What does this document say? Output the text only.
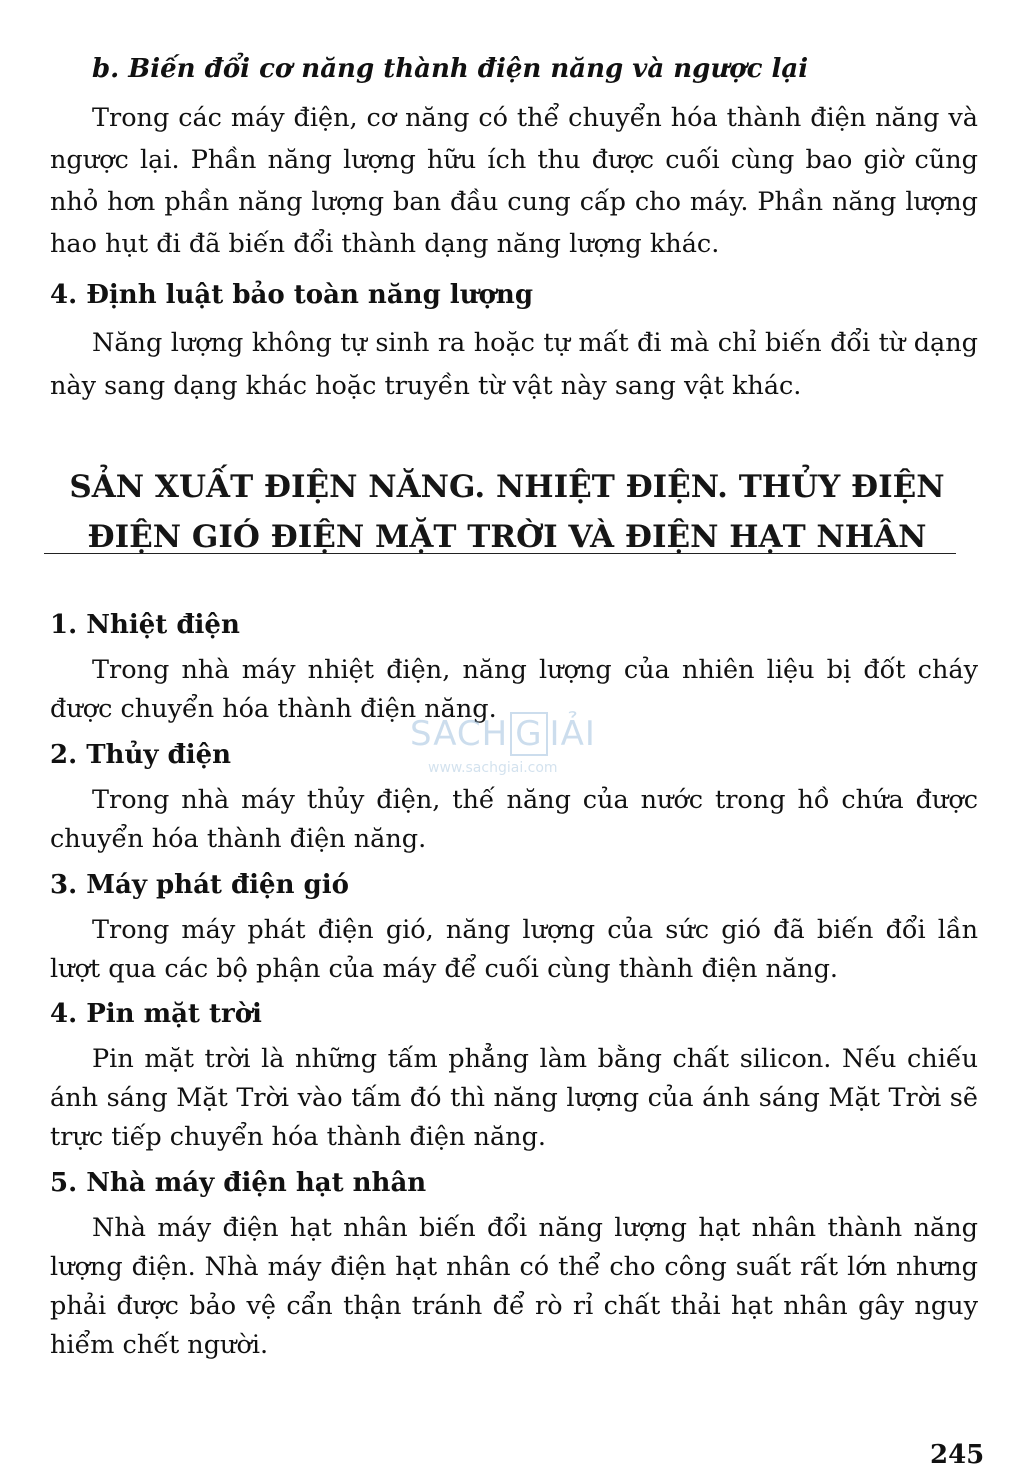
b. Biến đổi cơ năng thành điện năng và ngược lại
Trong các máy điện, cơ năng có thể chuyển hóa thành điện năng và ngược lại. Phần năng lượng hữu ích thu được cuối cùng bao giờ cũng nhỏ hơn phần năng lượng ban đầu cung cấp cho máy. Phần năng lượng hao hụt đi đã biến đổi thành dạng năng lượng khác.
4. Định luật bảo toàn năng lượng
Năng lượng không tự sinh ra hoặc tự mất đi mà chỉ biến đổi từ dạng này sang dạng khác hoặc truyền từ vật này sang vật khác.
SẢN XUẤT ĐIỆN NĂNG. NHIỆT ĐIỆN. THỦY ĐIỆN
ĐIỆN GIÓ ĐIỆN MẶT TRỜI VÀ ĐIỆN HẠT NHÂN
1. Nhiệt điện
Trong nhà máy nhiệt điện, năng lượng của nhiên liệu bị đốt cháy được chuyển hóa thành điện năng.
2. Thủy điện
Trong nhà máy thủy điện, thế năng của nước trong hồ chứa được chuyển hóa thành điện năng.
3. Máy phát điện gió
Trong máy phát điện gió, năng lượng của sức gió đã biến đổi lần lượt qua các bộ phận của máy để cuối cùng thành điện năng.
4. Pin mặt trời
Pin mặt trời là những tấm phẳng làm bằng chất silicon. Nếu chiếu ánh sáng Mặt Trời vào tấm đó thì năng lượng của ánh sáng Mặt Trời sẽ trực tiếp chuyển hóa thành điện năng.
5. Nhà máy điện hạt nhân
Nhà máy điện hạt nhân biến đổi năng lượng hạt nhân thành năng lượng điện. Nhà máy điện hạt nhân có thể cho công suất rất lớn nhưng phải được bảo vệ cẩn thận tránh để rò rỉ chất thải hạt nhân gây nguy hiểm chết người.
SACH G IẢI
www.sachgiai.com
245
